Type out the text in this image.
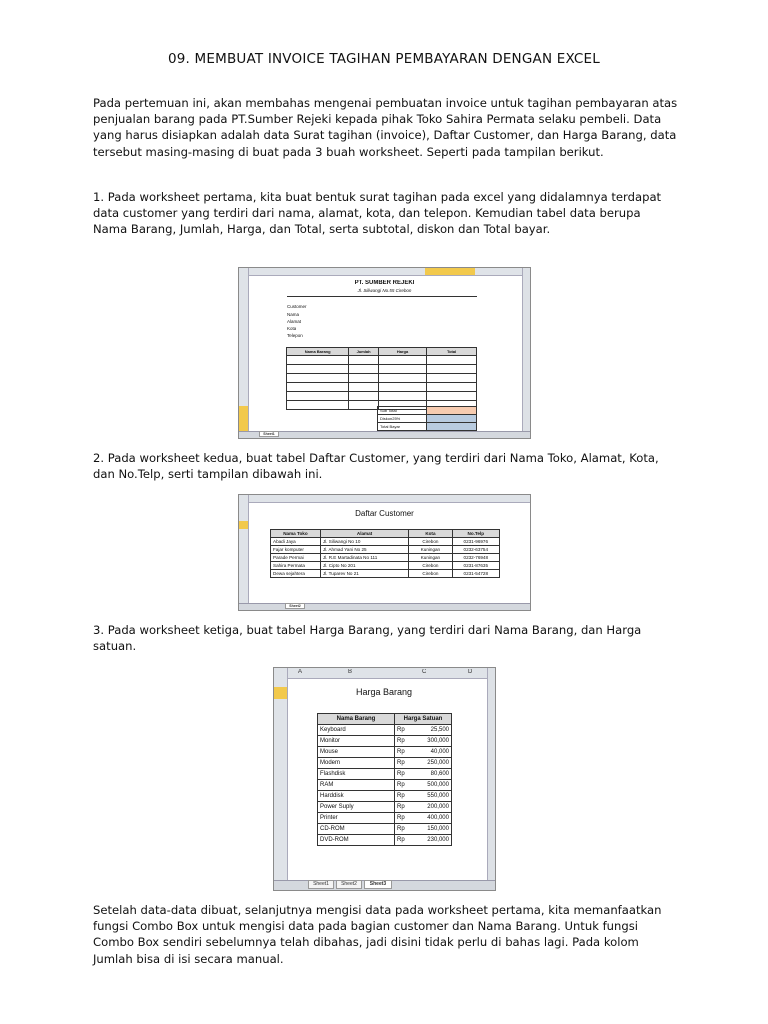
09. MEMBUAT INVOICE TAGIHAN PEMBAYARAN DENGAN EXCEL

Pada pertemuan ini, akan membahas mengenai pembuatan invoice untuk tagihan pembayaran atas penjualan barang pada PT.Sumber Rejeki kepada pihak Toko Sahira Permata selaku pembeli. Data yang harus disiapkan adalah data Surat tagihan (invoice), Daftar Customer, dan Harga Barang, data tersebut masing-masing di buat pada 3 buah worksheet. Seperti pada tampilan berikut.

1. Pada worksheet pertama, kita buat bentuk surat tagihan pada excel yang didalamnya terdapat data customer yang terdiri dari nama, alamat, kota, dan telepon. Kemudian tabel data berupa Nama Barang, Jumlah, Harga, dan Total, serta subtotal, diskon dan Total bayar.

PT. SUMBER REJEKI
Jl. Siliwangi No.55 Cirebon
Customer
Nama
Alamat
Kota
Telepon
Nama Barang	Jumlah	Harga	Total

Sub Total	
Diskon25%	
Total Bayar	
Sheet1

2. Pada worksheet kedua, buat tabel Daftar Customer, yang terdiri dari Nama Toko, Alamat, Kota, dan No.Telp, serti tampilan dibawah ini.

Daftar Customer
Nama Toko	Alamat	Kota	No.Telp
Abadi Jaya	Jl. Siliwangi No 10	Cirebon	0231-96976
Fajar komputer	Jl. Ahmad Yani No 25	Kuningan	0232-63754
Parade Permai	Jl. R.E Martadinata No 111	Kuningan	0232-76948
Sahira Permata	Jl. Cipto No 201	Cirebon	0231-87635
Dewa sejahtera	Jl. Tuparev No 21	Cirebon	0231-54728
Sheet2

3. Pada worksheet ketiga, buat tabel Harga Barang, yang terdiri dari Nama Barang, dan Harga satuan.

A	B	C	D
Harga Barang
Nama Barang	Harga Satuan
Keyboard	Rp 25,500

Monitor	Rp 300,000

Mouse	Rp 40,000

Modem	Rp 250,000

Flashdisk	Rp 80,600

RAM	Rp 500,000

Harddisk	Rp 550,000

Power Suply	Rp 200,000

Printer	Rp 400,000

CD-ROM	Rp 150,000

DVD-ROM	Rp 230,000
Sheet1	Sheet2	Sheet3

Setelah data-data dibuat, selanjutnya mengisi data pada worksheet pertama, kita memanfaatkan fungsi Combo Box untuk mengisi data pada bagian customer dan Nama Barang. Untuk fungsi Combo Box sendiri sebelumnya telah dibahas, jadi disini tidak perlu di bahas lagi. Pada kolom Jumlah bisa di isi secara manual.
